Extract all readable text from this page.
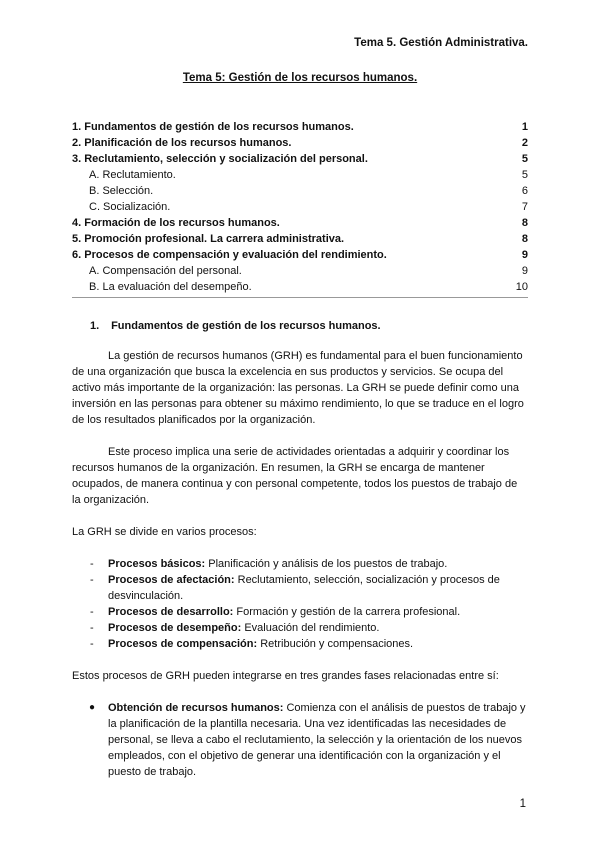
Tema 5. Gestión Administrativa.
Tema 5: Gestión de los recursos humanos.
1. Fundamentos de gestión de los recursos humanos.	1
2. Planificación de los recursos humanos.	2
3. Reclutamiento, selección y socialización del personal.	5
A. Reclutamiento.	5
B. Selección.	6
C. Socialización.	7
4. Formación de los recursos humanos.	8
5. Promoción profesional. La carrera administrativa.	8
6. Procesos de compensación y evaluación del rendimiento.	9
A. Compensación del personal.	9
B. La evaluación del desempeño.	10
1. Fundamentos de gestión de los recursos humanos.

La gestión de recursos humanos (GRH) es fundamental para el buen funcionamiento de una organización que busca la excelencia en sus productos y servicios. Se ocupa del activo más importante de la organización: las personas. La GRH se puede definir como una inversión en las personas para obtener su máximo rendimiento, lo que se traduce en el logro de los resultados planificados por la organización.

Este proceso implica una serie de actividades orientadas a adquirir y coordinar los recursos humanos de la organización. En resumen, la GRH se encarga de mantener ocupados, de manera continua y con personal competente, todos los puestos de trabajo de la organización.

La GRH se divide en varios procesos:

- Procesos básicos: Planificación y análisis de los puestos de trabajo.
- Procesos de afectación: Reclutamiento, selección, socialización y procesos de desvinculación.
- Procesos de desarrollo: Formación y gestión de la carrera profesional.
- Procesos de desempeño: Evaluación del rendimiento.
- Procesos de compensación: Retribución y compensaciones.

Estos procesos de GRH pueden integrarse en tres grandes fases relacionadas entre sí:

● Obtención de recursos humanos: Comienza con el análisis de puestos de trabajo y la planificación de la plantilla necesaria. Una vez identificadas las necesidades de personal, se lleva a cabo el reclutamiento, la selección y la orientación de los nuevos empleados, con el objetivo de generar una identificación con la organización y el puesto de trabajo.
1
